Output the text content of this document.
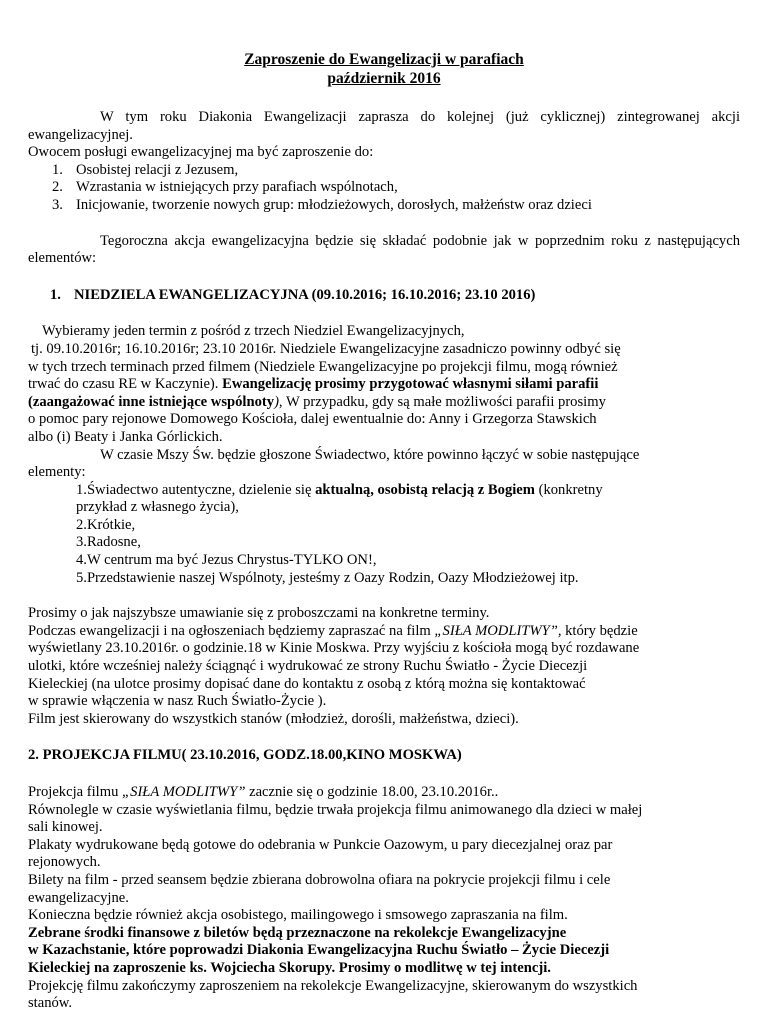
Zaproszenie do Ewangelizacji w parafiach
październik 2016

W tym roku Diakonia Ewangelizacji zaprasza do kolejnej (już cyklicznej) zintegrowanej akcji ewangelizacyjnej.

Owocem posługi ewangelizacyjnej ma być zaproszenie do:

1. Osobistej relacji z Jezusem,
2. Wzrastania w istniejących przy parafiach wspólnotach,
3. Inicjowanie, tworzenie nowych grup: młodzieżowych, dorosłych, małżeństw oraz dzieci

Tegoroczna akcja ewangelizacyjna będzie się składać podobnie jak w poprzednim roku z następujących elementów:

1. NIEDZIELA EWANGELIZACYJNA (09.10.2016; 16.10.2016; 23.10 2016)

Wybieramy jeden termin z pośród z trzech Niedziel Ewangelizacyjnych,

tj. 09.10.2016r; 16.10.2016r; 23.10 2016r. Niedziele Ewangelizacyjne zasadniczo powinny odbyć się

w tych trzech terminach przed filmem (Niedziele Ewangelizacyjne po projekcji filmu, mogą również

trwać do czasu RE w Kaczynie). Ewangelizację prosimy przygotować własnymi siłami parafii

(zaangażować inne istniejące wspólnoty), W przypadku, gdy są małe możliwości parafii prosimy

o pomoc pary rejonowe Domowego Kościoła, dalej ewentualnie do: Anny i Grzegorza Stawskich

albo (i) Beaty i Janka Górlickich.

W czasie Mszy Św. będzie głoszone Świadectwo, które powinno łączyć w sobie następujące

elementy:

1.Świadectwo autentyczne, dzielenie się aktualną, osobistą relacją z Bogiem (konkretny

przykład z własnego życia),

2.Krótkie,

3.Radosne,

4.W centrum ma być Jezus Chrystus-TYLKO ON!,

5.Przedstawienie naszej Wspólnoty, jesteśmy z Oazy Rodzin, Oazy Młodzieżowej itp.

Prosimy o jak najszybsze umawianie się z proboszczami na konkretne terminy.

Podczas ewangelizacji i na ogłoszeniach będziemy zapraszać na film „SIŁA MODLITWY”, który będzie

wyświetlany 23.10.2016r. o godzinie.18 w Kinie Moskwa. Przy wyjściu z kościoła mogą być rozdawane

ulotki, które wcześniej należy ściągnąć i wydrukować ze strony Ruchu Światło - Życie Diecezji

Kieleckiej (na ulotce prosimy dopisać dane do kontaktu z osobą z którą można się kontaktować

w sprawie włączenia w nasz Ruch Światło-Życie ).

Film jest skierowany do wszystkich stanów (młodzież, dorośli, małżeństwa, dzieci).

2. PROJEKCJA FILMU( 23.10.2016, GODZ.18.00,KINO MOSKWA)

Projekcja filmu „SIŁA MODLITWY” zacznie się o godzinie 18.00, 23.10.2016r..

Równolegle w czasie wyświetlania filmu, będzie trwała projekcja filmu animowanego dla dzieci w małej

sali kinowej.

Plakaty wydrukowane będą gotowe do odebrania w Punkcie Oazowym, u pary diecezjalnej oraz par

rejonowych.

Bilety na film - przed seansem będzie zbierana dobrowolna ofiara na pokrycie projekcji filmu i cele

ewangelizacyjne.

Konieczna będzie również akcja osobistego, mailingowego i smsowego zapraszania na film.

Zebrane środki finansowe z biletów będą przeznaczone na rekolekcje Ewangelizacyjne

w Kazachstanie, które poprowadzi Diakonia Ewangelizacyjna Ruchu Światło – Życie Diecezji

Kieleckiej na zaproszenie ks. Wojciecha Skorupy. Prosimy o modlitwę w tej intencji.

Projekcję filmu zakończymy zaproszeniem na rekolekcje Ewangelizacyjne, skierowanym do wszystkich

stanów.
